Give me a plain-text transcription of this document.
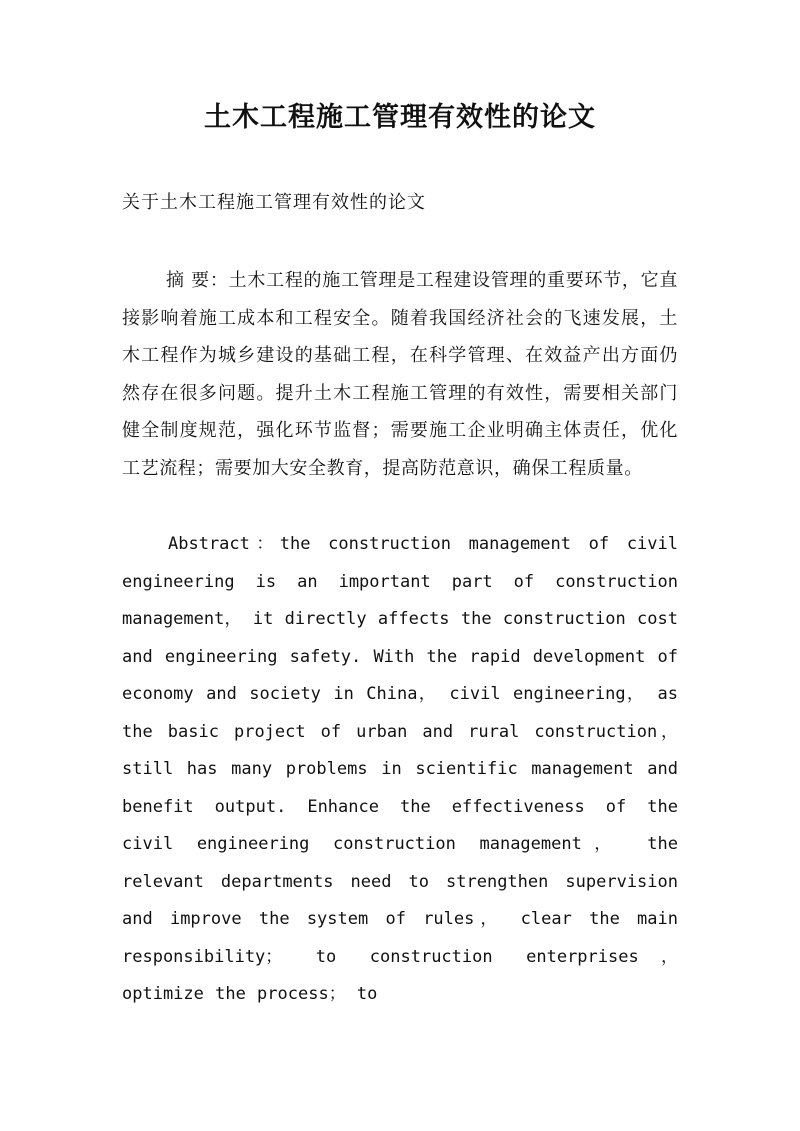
土木工程施工管理有效性的论文

关于土木工程施工管理有效性的论文

摘 要：土木工程的施工管理是工程建设管理的重要环节，它直接影响着施工成本和工程安全。随着我国经济社会的飞速发展，土木工程作为城乡建设的基础工程，在科学管理、在效益产出方面仍然存在很多问题。提升土木工程施工管理的有效性，需要相关部门健全制度规范，强化环节监督；需要施工企业明确主体责任，优化工艺流程；需要加大安全教育，提高防范意识，确保工程质量。

Abstract：the construction management of civil engineering is an important part of construction management， it directly affects the construction cost and engineering safety. With the rapid development of economy and society in China， civil engineering， as the basic project of urban and rural construction， still has many problems in scientific management and benefit output. Enhance the effectiveness of the civil engineering construction management， the relevant departments need to strengthen supervision and improve the system of rules， clear the main responsibility； to construction enterprises， optimize the process； to
